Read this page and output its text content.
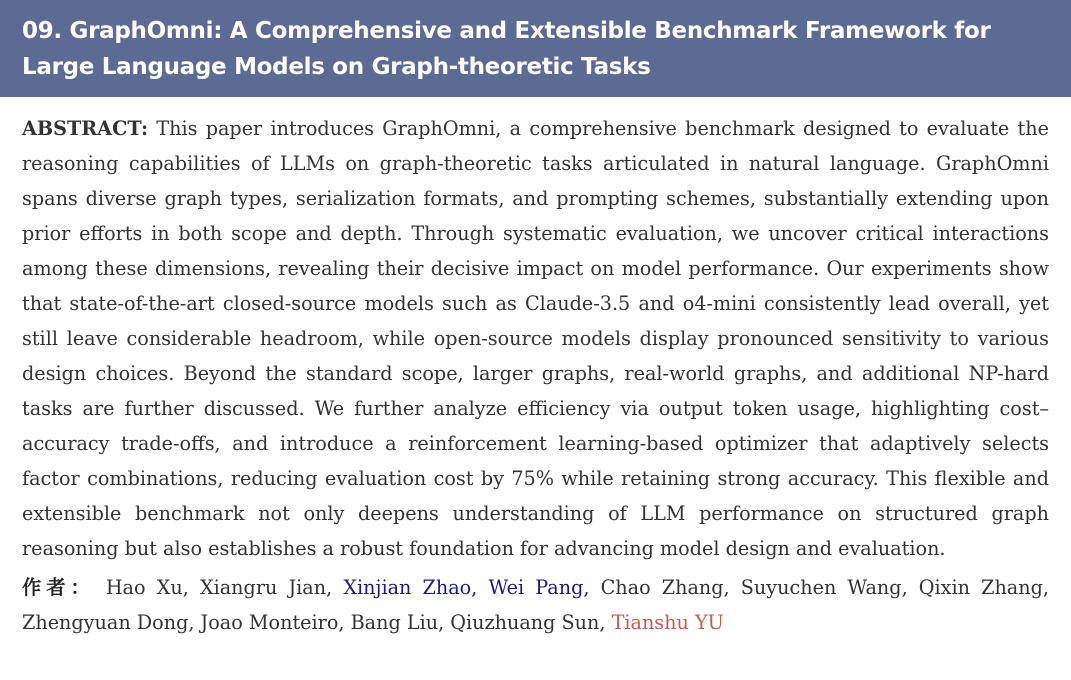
09. GraphOmni: A Comprehensive and Extensible Benchmark Framework for Large Language Models on Graph-theoretic Tasks

ABSTRACT: This paper introduces GraphOmni, a comprehensive benchmark designed to evaluate the reasoning capabilities of LLMs on graph-theoretic tasks articulated in natural language. GraphOmni spans diverse graph types, serialization formats, and prompting schemes, substantially extending upon prior efforts in both scope and depth. Through systematic evaluation, we uncover critical interactions among these dimensions, revealing their decisive impact on model performance. Our experiments show that state-of-the-art closed-source models such as Claude-3.5 and o4-mini consistently lead overall, yet still leave considerable headroom, while open-source models display pronounced sensitivity to various design choices. Beyond the standard scope, larger graphs, real-world graphs, and additional NP-hard tasks are further discussed. We further analyze efficiency via output token usage, highlighting cost–accuracy trade-offs, and introduce a reinforcement learning-based optimizer that adaptively selects factor combinations, reducing evaluation cost by 75% while retaining strong accuracy. This flexible and extensible benchmark not only deepens understanding of LLM performance on structured graph reasoning but also establishes a robust foundation for advancing model design and evaluation.

作者： Hao Xu, Xiangru Jian, Xinjian Zhao, Wei Pang, Chao Zhang, Suyuchen Wang, Qixin Zhang, Zhengyuan Dong, Joao Monteiro, Bang Liu, Qiuzhuang Sun, Tianshu YU
